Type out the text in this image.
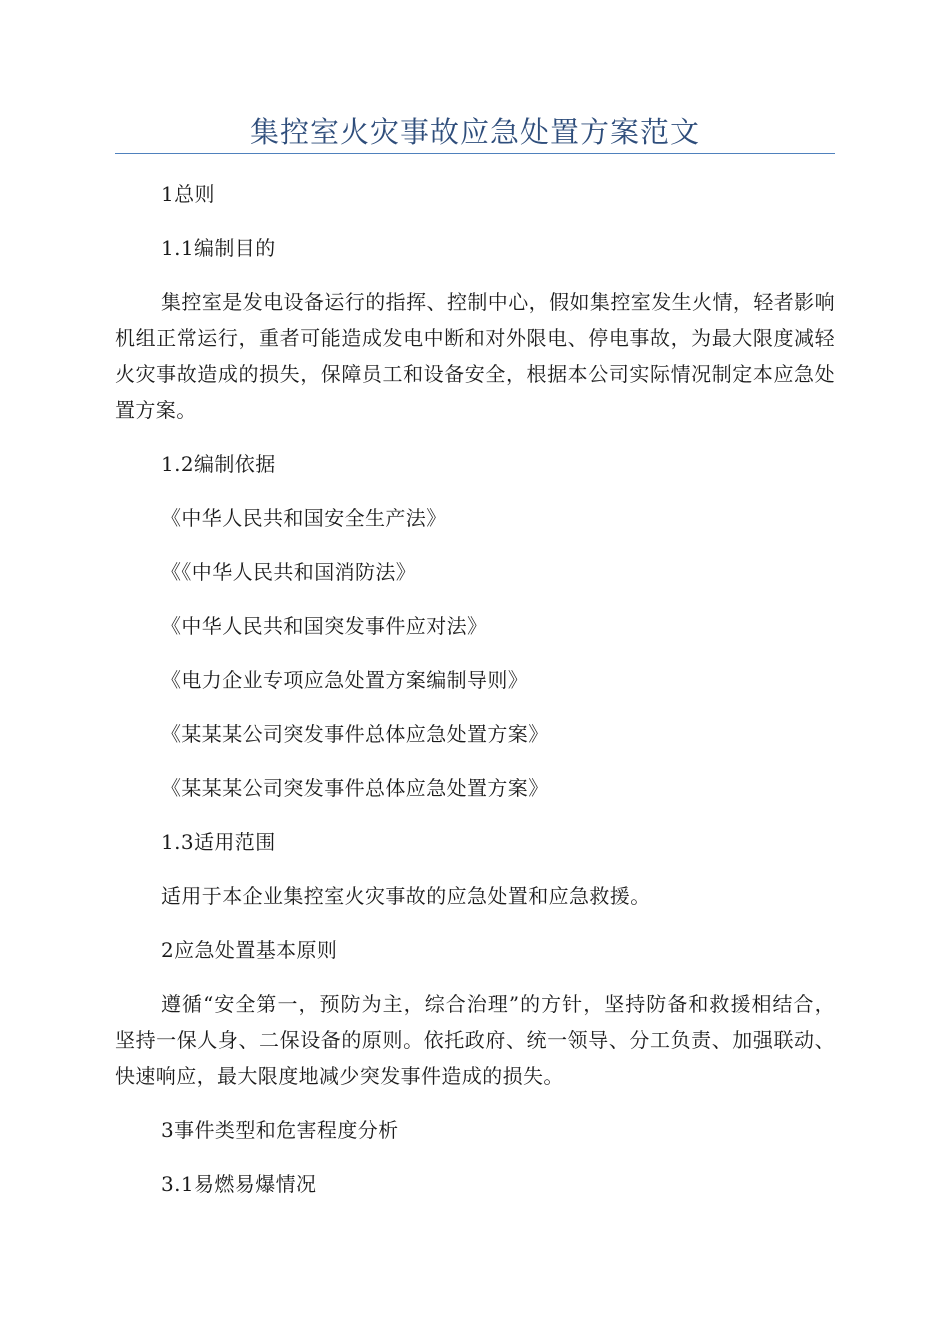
集控室火灾事故应急处置方案范文

1总则

1.1编制目的

集控室是发电设备运行的指挥、控制中心，假如集控室发生火情，轻者影响机组正常运行，重者可能造成发电中断和对外限电、停电事故，为最大限度减轻火灾事故造成的损失，保障员工和设备安全，根据本公司实际情况制定本应急处置方案。

1.2编制依据

《中华人民共和国安全生产法》

《《中华人民共和国消防法》

《中华人民共和国突发事件应对法》

《电力企业专项应急处置方案编制导则》

《某某某公司突发事件总体应急处置方案》

《某某某公司突发事件总体应急处置方案》

1.3适用范围

适用于本企业集控室火灾事故的应急处置和应急救援。

2应急处置基本原则

遵循“安全第一，预防为主，综合治理”的方针，坚持防备和救援相结合，坚持一保人身、二保设备的原则。依托政府、统一领导、分工负责、加强联动、快速响应，最大限度地减少突发事件造成的损失。

3事件类型和危害程度分析

3.1易燃易爆情况
